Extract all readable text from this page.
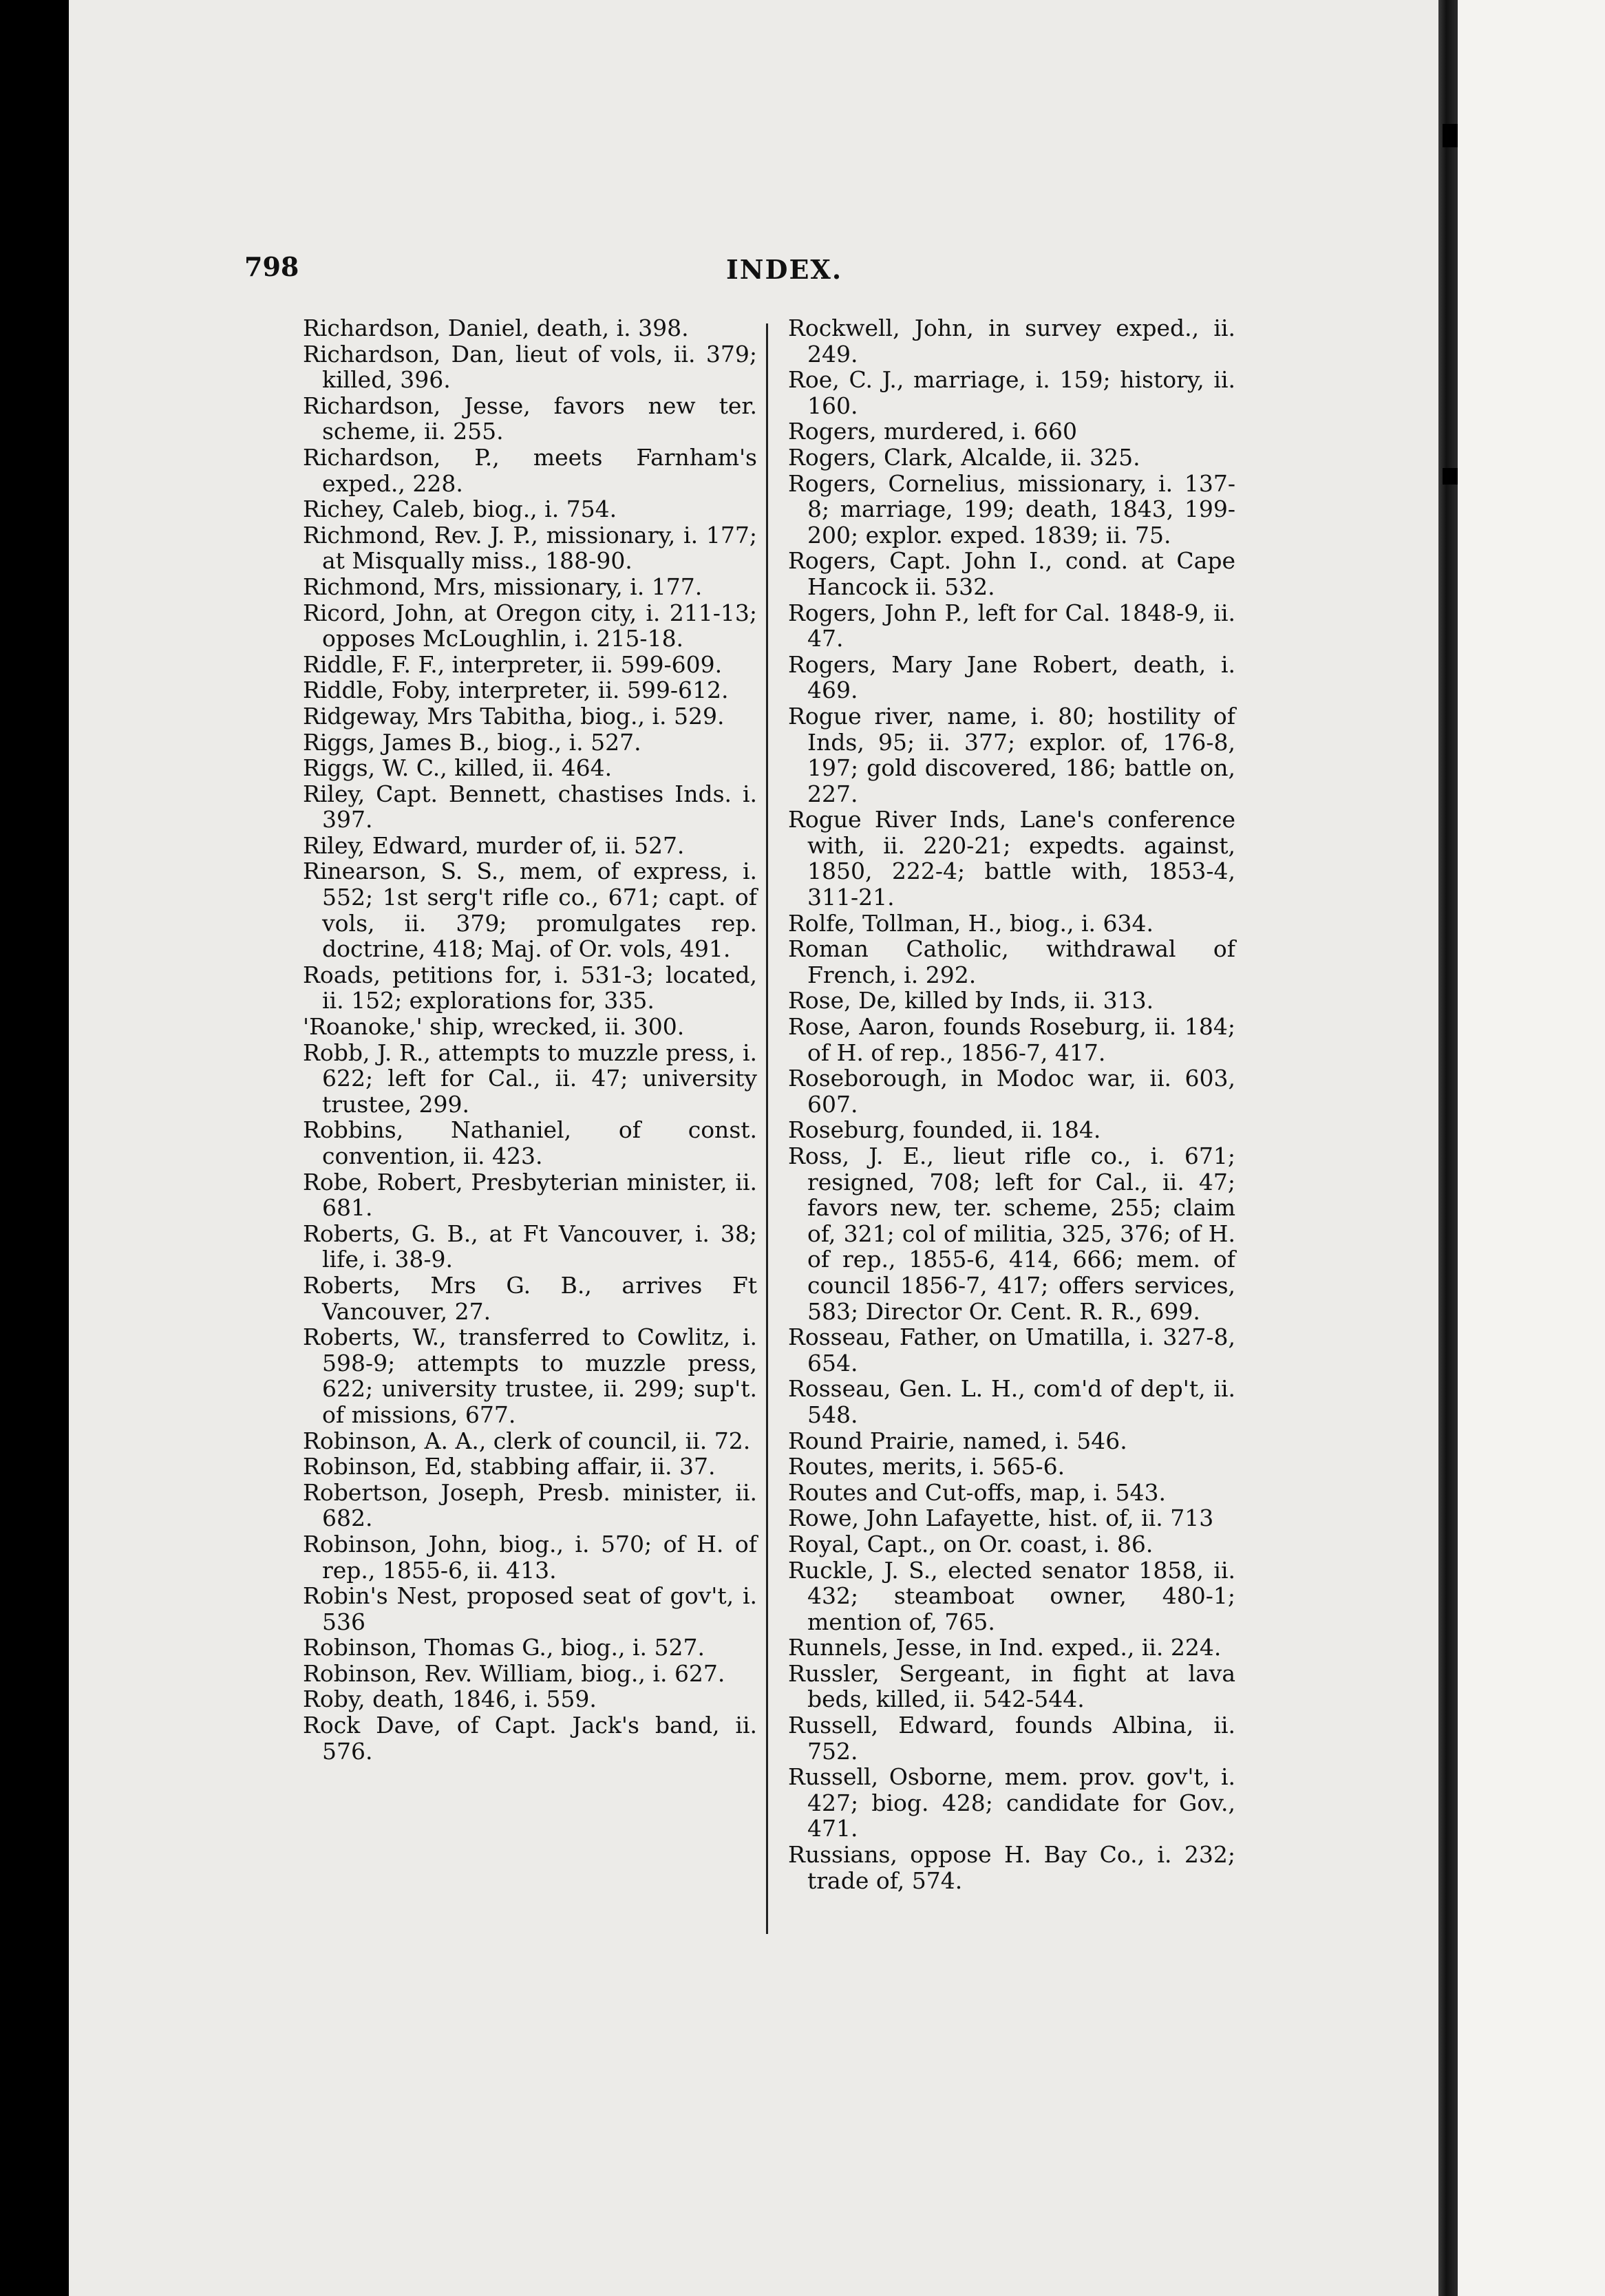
798	INDEX.
Richardson, Daniel, death, i. 398.
Richardson, Dan, lieut of vols, ii. 379; killed, 396.
Richardson, Jesse, favors new ter. scheme, ii. 255.
Richardson, P., meets Farnham's exped., 228.
Richey, Caleb, biog., i. 754.
Richmond, Rev. J. P., missionary, i. 177; at Misqually miss., 188-90.
Richmond, Mrs, missionary, i. 177.
Ricord, John, at Oregon city, i. 211-13; opposes McLoughlin, i. 215-18.
Riddle, F. F., interpreter, ii. 599-609.
Riddle, Foby, interpreter, ii. 599-612.
Ridgeway, Mrs Tabitha, biog., i. 529.
Riggs, James B., biog., i. 527.
Riggs, W. C., killed, ii. 464.
Riley, Capt. Bennett, chastises Inds. i. 397.
Riley, Edward, murder of, ii. 527.
Rinearson, S. S., mem, of express, i. 552; 1st serg't rifle co., 671; capt. of vols, ii. 379; promulgates rep. doctrine, 418; Maj. of Or. vols, 491.
Roads, petitions for, i. 531-3; located, ii. 152; explorations for, 335.
'Roanoke,' ship, wrecked, ii. 300.
Robb, J. R., attempts to muzzle press, i. 622; left for Cal., ii. 47; university trustee, 299.
Robbins, Nathaniel, of const. convention, ii. 423.
Robe, Robert, Presbyterian minister, ii. 681.
Roberts, G. B., at Ft Vancouver, i. 38; life, i. 38-9.
Roberts, Mrs G. B., arrives Ft Vancouver, 27.
Roberts, W., transferred to Cowlitz, i. 598-9; attempts to muzzle press, 622; university trustee, ii. 299; sup't. of missions, 677.
Robinson, A. A., clerk of council, ii. 72.
Robinson, Ed, stabbing affair, ii. 37.
Robertson, Joseph, Presb. minister, ii. 682.
Robinson, John, biog., i. 570; of H. of rep., 1855-6, ii. 413.
Robin's Nest, proposed seat of gov't, i. 536
Robinson, Thomas G., biog., i. 527.
Robinson, Rev. William, biog., i. 627.
Roby, death, 1846, i. 559.
Rock Dave, of Capt. Jack's band, ii. 576.
Rockwell, John, in survey exped., ii. 249.
Roe, C. J., marriage, i. 159; history, ii. 160.
Rogers, murdered, i. 660
Rogers, Clark, Alcalde, ii. 325.
Rogers, Cornelius, missionary, i. 137-8; marriage, 199; death, 1843, 199-200; explor. exped. 1839; ii. 75.
Rogers, Capt. John I., cond. at Cape Hancock ii. 532.
Rogers, John P., left for Cal. 1848-9, ii. 47.
Rogers, Mary Jane Robert, death, i. 469.
Rogue river, name, i. 80; hostility of Inds, 95; ii. 377; explor. of, 176-8, 197; gold discovered, 186; battle on, 227.
Rogue River Inds, Lane's conference with, ii. 220-21; expedts. against, 1850, 222-4; battle with, 1853-4, 311-21.
Rolfe, Tollman, H., biog., i. 634.
Roman Catholic, withdrawal of French, i. 292.
Rose, De, killed by Inds, ii. 313.
Rose, Aaron, founds Roseburg, ii. 184; of H. of rep., 1856-7, 417.
Roseborough, in Modoc war, ii. 603, 607.
Roseburg, founded, ii. 184.
Ross, J. E., lieut rifle co., i. 671; resigned, 708; left for Cal., ii. 47; favors new, ter. scheme, 255; claim of, 321; col of militia, 325, 376; of H. of rep., 1855-6, 414, 666; mem. of council 1856-7, 417; offers services, 583; Director Or. Cent. R. R., 699.
Rosseau, Father, on Umatilla, i. 327-8, 654.
Rosseau, Gen. L. H., com'd of dep't, ii. 548.
Round Prairie, named, i. 546.
Routes, merits, i. 565-6.
Routes and Cut-offs, map, i. 543.
Rowe, John Lafayette, hist. of, ii. 713
Royal, Capt., on Or. coast, i. 86.
Ruckle, J. S., elected senator 1858, ii. 432; steamboat owner, 480-1; mention of, 765.
Runnels, Jesse, in Ind. exped., ii. 224.
Russler, Sergeant, in fight at lava beds, killed, ii. 542-544.
Russell, Edward, founds Albina, ii. 752.
Russell, Osborne, mem. prov. gov't, i. 427; biog. 428; candidate for Gov., 471.
Russians, oppose H. Bay Co., i. 232; trade of, 574.
